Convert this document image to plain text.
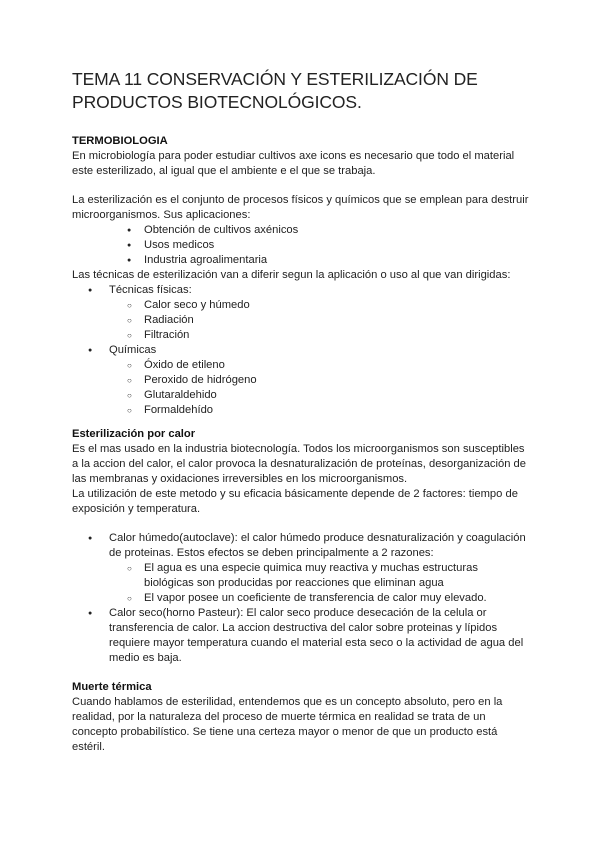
TEMA 11 CONSERVACIÓN Y ESTERILIZACIÓN DE PRODUCTOS BIOTECNOLÓGICOS.

TERMOBIOLOGIA

En microbiología para poder estudiar cultivos axe icons es necesario que todo el material este esterilizado, al igual que el ambiente e el que se trabaja.

La esterilización es el conjunto de procesos físicos y químicos que se emplean para destruir microorganismos. Sus aplicaciones:

● Obtención de cultivos axénicos
● Usos medicos
● Industria agroalimentaria

Las técnicas de esterilización van a diferir segun la aplicación o uso al que van dirigidas:

● Técnicas físicas:
○ Calor seco y húmedo
○ Radiación
○ Filtración
● Químicas
○ Óxido de etileno
○ Peroxido de hidrógeno
○ Glutaraldehido
○ Formaldehído

Esterilización por calor

Es el mas usado en la industria biotecnología. Todos los microorganismos son susceptibles a la accion del calor, el calor provoca la desnaturalización de proteínas, desorganización de las membranas y oxidaciones irreversibles en los microorganismos.

La utilización de este metodo y su eficacia básicamente depende de 2 factores: tiempo de exposición y temperatura.

● Calor húmedo(autoclave): el calor húmedo produce desnaturalización y coagulación de proteinas. Estos efectos se deben principalmente a 2 razones:
○ El agua es una especie quimica muy reactiva y muchas estructuras biológicas son producidas por reacciones que eliminan agua
○ El vapor posee un coeficiente de transferencia de calor muy elevado.
● Calor seco(horno Pasteur): El calor seco produce desecación de la celula or transferencia de calor. La accion destructiva del calor sobre proteinas y lípidos requiere mayor temperatura cuando el material esta seco o la actividad de agua del medio es baja.

Muerte térmica

Cuando hablamos de esterilidad, entendemos que es un concepto absoluto, pero en la realidad, por la naturaleza del proceso de muerte térmica en realidad se trata de un concepto probabilístico. Se tiene una certeza mayor o menor de que un producto está estéril.
